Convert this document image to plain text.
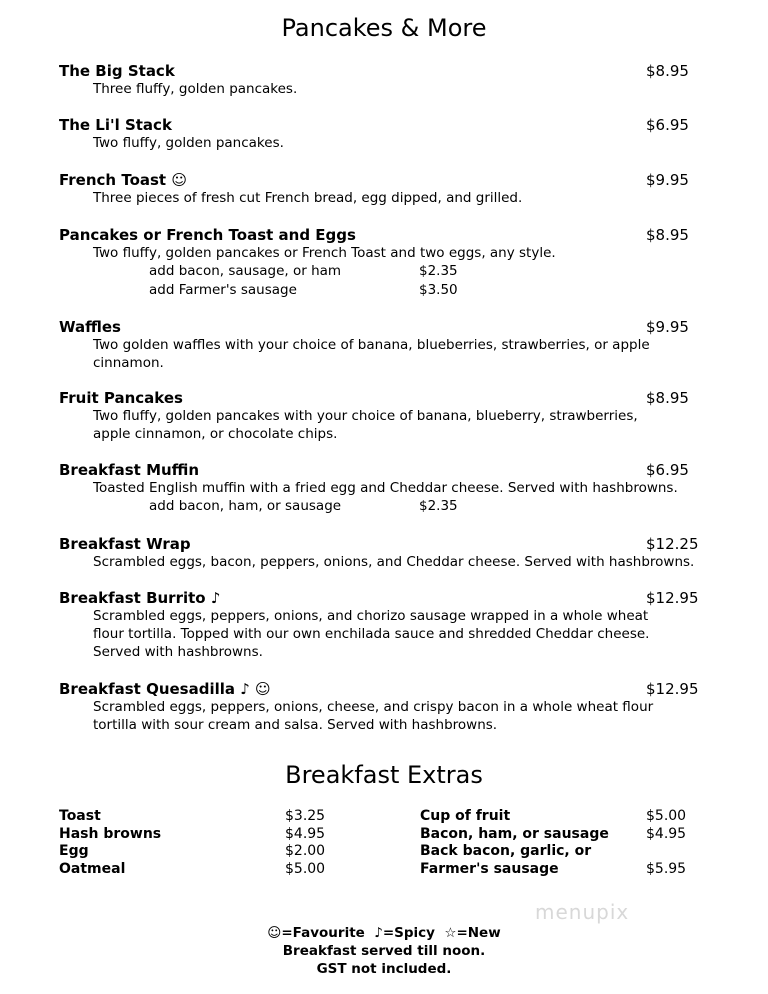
Pancakes & More
The Big Stack	$8.95
Three fluffy, golden pancakes.
The Li'l Stack	$6.95
Two fluffy, golden pancakes.
French Toast ☺	$9.95
Three pieces of fresh cut French bread, egg dipped, and grilled.
Pancakes or French Toast and Eggs	$8.95
Two fluffy, golden pancakes or French Toast and two eggs, any style.
add bacon, sausage, or ham	$2.35
add Farmer's sausage	$3.50
Waffles	$9.95
Two golden waffles with your choice of banana, blueberries, strawberries, or apple cinnamon.
Fruit Pancakes	$8.95
Two fluffy, golden pancakes with your choice of banana, blueberry, strawberries, apple cinnamon, or chocolate chips.
Breakfast Muffin	$6.95
Toasted English muffin with a fried egg and Cheddar cheese. Served with hashbrowns.
add bacon, ham, or sausage	$2.35
Breakfast Wrap	$12.25
Scrambled eggs, bacon, peppers, onions, and Cheddar cheese. Served with hashbrowns.
Breakfast Burrito ♪	$12.95
Scrambled eggs, peppers, onions, and chorizo sausage wrapped in a whole wheat flour tortilla. Topped with our own enchilada sauce and shredded Cheddar cheese. Served with hashbrowns.
Breakfast Quesadilla ♪ ☺	$12.95
Scrambled eggs, peppers, onions, cheese, and crispy bacon in a whole wheat flour tortilla with sour cream and salsa. Served with hashbrowns.
Breakfast Extras
Toast	$3.25
Hash browns	$4.95
Egg	$2.00
Oatmeal	$5.00
Cup of fruit	$5.00
Bacon, ham, or sausage	$4.95
Back bacon, garlic, or
Farmer's sausage	$5.95
menupix
☺=Favourite  ♪=Spicy  ☆=New
Breakfast served till noon.
GST not included.
